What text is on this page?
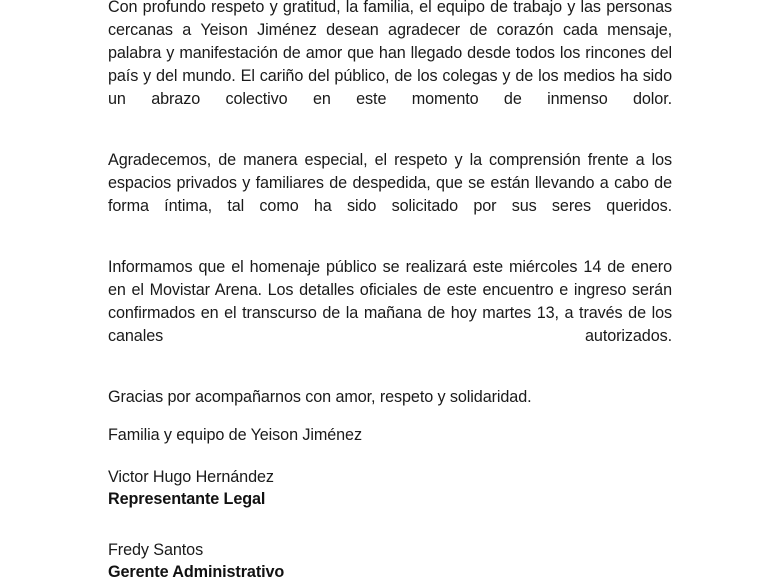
Con profundo respeto y gratitud, la familia, el equipo de trabajo y las personas cercanas a Yeison Jiménez desean agradecer de corazón cada mensaje, palabra y manifestación de amor que han llegado desde todos los rincones del país y del mundo. El cariño del público, de los colegas y de los medios ha sido un abrazo colectivo en este momento de inmenso dolor.

Agradecemos, de manera especial, el respeto y la comprensión frente a los espacios privados y familiares de despedida, que se están llevando a cabo de forma íntima, tal como ha sido solicitado por sus seres queridos.

Informamos que el homenaje público se realizará este miércoles 14 de enero en el Movistar Arena. Los detalles oficiales de este encuentro e ingreso serán confirmados en el transcurso de la mañana de hoy martes 13, a través de los canales autorizados.

Gracias por acompañarnos con amor, respeto y solidaridad.

Familia y equipo de Yeison Jiménez

Victor Hugo Hernández
Representante Legal
Fredy Santos
Gerente Administrativo
